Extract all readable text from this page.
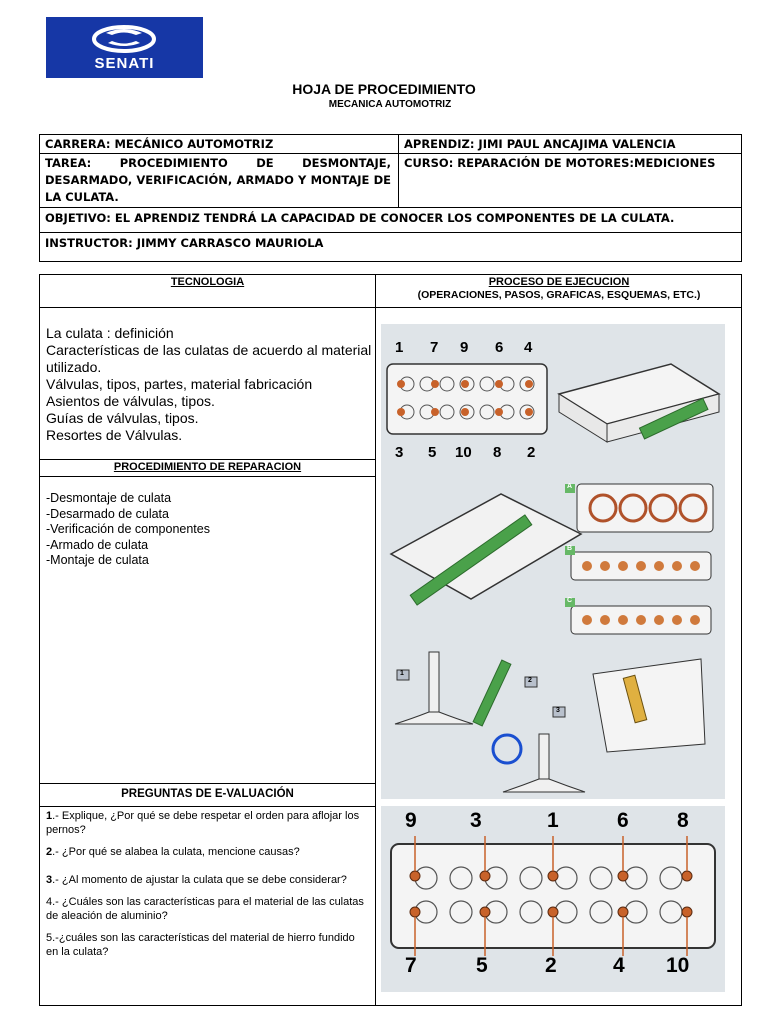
SENATI
HOJA DE PROCEDIMIENTO
MECANICA AUTOMOTRIZ
CARRERA: MECÁNICO AUTOMOTRIZ	APRENDIZ: JIMI PAUL ANCAJIMA VALENCIA
TAREA: PROCEDIMIENTO DE DESMONTAJE, DESARMADO, VERIFICACIÓN, ARMADO Y MONTAJE DE LA CULATA.
CURSO: REPARACIÓN DE MOTORES:MEDICIONES
OBJETIVO: EL APRENDIZ TENDRÁ LA CAPACIDAD DE CONOCER LOS COMPONENTES DE LA CULATA.
INSTRUCTOR: JIMMY CARRASCO MAURIOLA
TECNOLOGIA	PROCESO DE EJECUCION
(OPERACIONES, PASOS, GRAFICAS, ESQUEMAS, ETC.)
La culata : definición
Características de las culatas de acuerdo al material utilizado.
Válvulas, tipos, partes, material fabricación
Asientos de válvulas, tipos.
Guías de válvulas, tipos.
Resortes de Válvulas.
PROCEDIMIENTO DE REPARACION
-Desmontaje de culata
-Desarmado de culata
-Verificación de componentes
-Armado de culata
-Montaje de culata
PREGUNTAS DE E-VALUACIÓN
1.- Explique, ¿Por qué se debe respetar el orden para aflojar los pernos?
2.- ¿Por qué se alabea la culata, mencione causas?
3.- ¿Al momento de ajustar la culata que se debe considerar?
4.- ¿Cuáles son las características para el material de las culatas de aleación de aluminio?
5.-¿cuáles son las características del material de hierro fundido en la culata?
1 7 9 6 4
3 5 10 8 2
A
B
C
1
2
3
9	3	1	6 8
7	5	2	4 10
